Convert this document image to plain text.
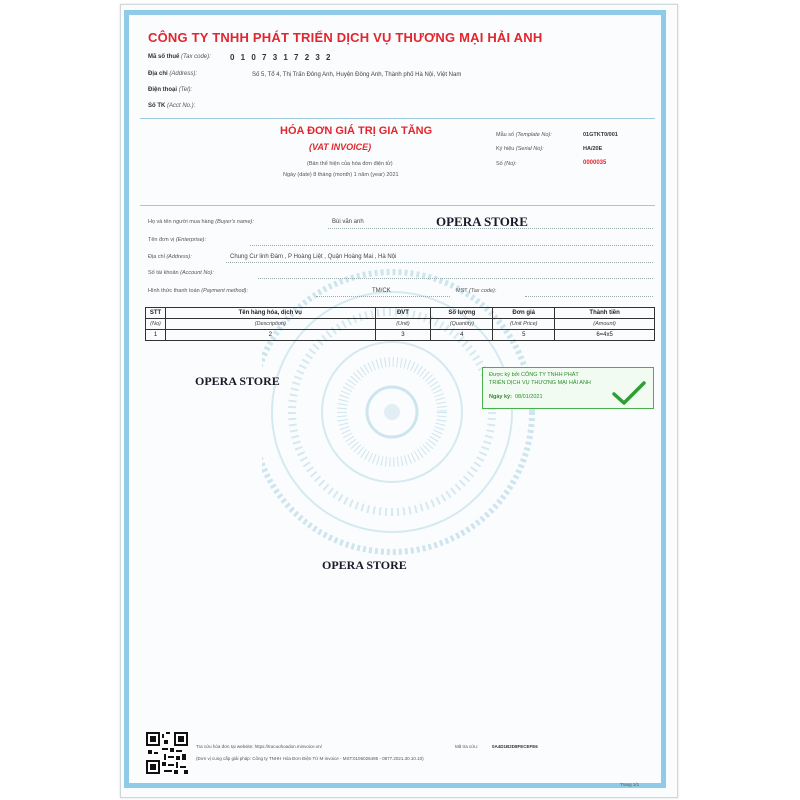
CÔNG TY TNHH PHÁT TRIỂN DỊCH VỤ THƯƠNG MẠI HẢI ANH
Mã số thuế (Tax code): 0 1 0 7 3 1 7 2 3 2
Địa chỉ (Address):	Số 5, Tổ 4, Thị Trấn Đông Anh, Huyện Đông Anh, Thành phố Hà Nội, Việt Nam
Điện thoại (Tel):
Số TK (Acct No.):
HÓA ĐƠN GIÁ TRỊ GIA TĂNG
(VAT INVOICE)
(Bản thể hiện của hóa đơn điện tử)
Ngày (date) 8 tháng (month) 1 năm (year) 2021
Mẫu số (Template No):	01GTKT0/001
Ký hiệu (Serial No):	HA/20E
Số (No):	0000035
Họ và tên người mua hàng (Buyer's name):	Bùi văn anh
Tên đơn vị (Enterprise):
Địa chỉ (Address):	Chung Cư linh Đàm , P Hoàng Liệt , Quận Hoàng Mai , Hà Nội
Số tài khoản (Account No):
Hình thức thanh toán (Payment method):	TM/CK	MST (Tax code):
STT	Tên hàng hóa, dịch vụ	ĐVT	Số lượng	Đơn giá	Thành tiền
(No)	(Description)	(Unit)	(Quantity)	(Unit Price)	(Amount)
1	2	3	4	5	6=4x5
OPERA STORE
OPERA STORE
OPERA STORE
Được ký bởi CÔNG TY TNHH PHÁT
TRIỂN DỊCH VỤ THƯƠNG MẠI HẢI ANH
Ngày ký: 08/01/2021
Tra cứu hóa đơn tại website: https://tracuuhoadon.minvoice.vn/	Mã tra cứu:	0A4D1B2D8FECEFE6
(Đơn vị cung cấp giải pháp: Công ty TNHH Hóa Đơn Điện Tử M-invoice - MST:0106026495 - 0877.2021.30.10.10)
Trang 1/1
